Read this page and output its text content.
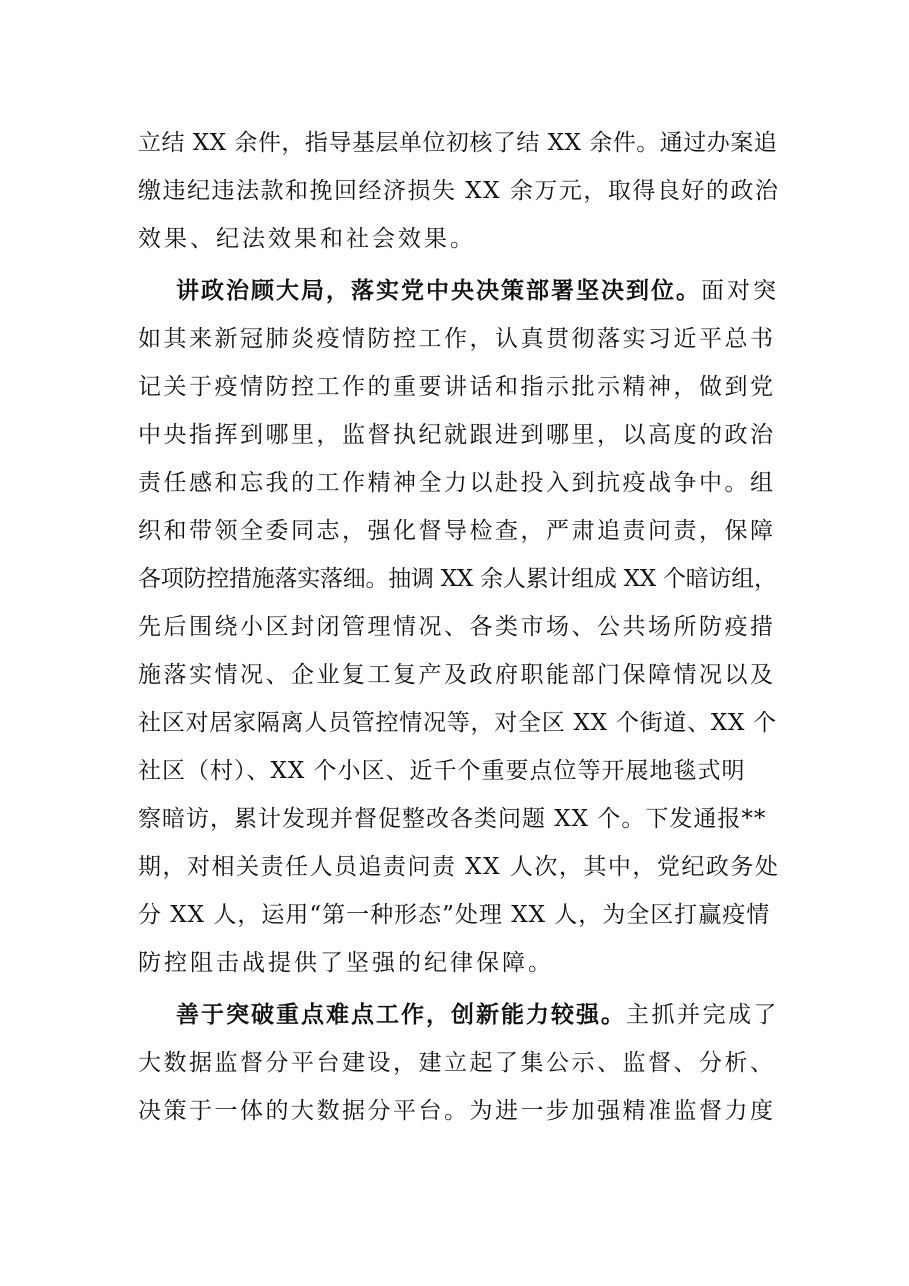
立结 XX 余件，指导基层单位初核了结 XX 余件。通过办案追
缴违纪违法款和挽回经济损失 XX 余万元，取得良好的政治
效果、纪法效果和社会效果。
讲政治顾大局，落实党中央决策部署坚决到位。面对突
如其来新冠肺炎疫情防控工作，认真贯彻落实习近平总书
记关于疫情防控工作的重要讲话和指示批示精神，做到党
中央指挥到哪里，监督执纪就跟进到哪里，以高度的政治
责任感和忘我的工作精神全力以赴投入到抗疫战争中。组
织和带领全委同志，强化督导检查，严肃追责问责，保障
各项防控措施落实落细。抽调 XX 余人累计组成 XX 个暗访组，
先后围绕小区封闭管理情况、各类市场、公共场所防疫措
施落实情况、企业复工复产及政府职能部门保障情况以及
社区对居家隔离人员管控情况等，对全区 XX 个街道、XX 个
社区（村）、XX 个小区、近千个重要点位等开展地毯式明
察暗访，累计发现并督促整改各类问题 XX 个。下发通报**
期，对相关责任人员追责问责 XX 人次，其中，党纪政务处
分 XX 人，运用“第一种形态”处理 XX 人，为全区打赢疫情
防控阻击战提供了坚强的纪律保障。
善于突破重点难点工作，创新能力较强。主抓并完成了
大数据监督分平台建设，建立起了集公示、监督、分析、
决策于一体的大数据分平台。为进一步加强精准监督力度
